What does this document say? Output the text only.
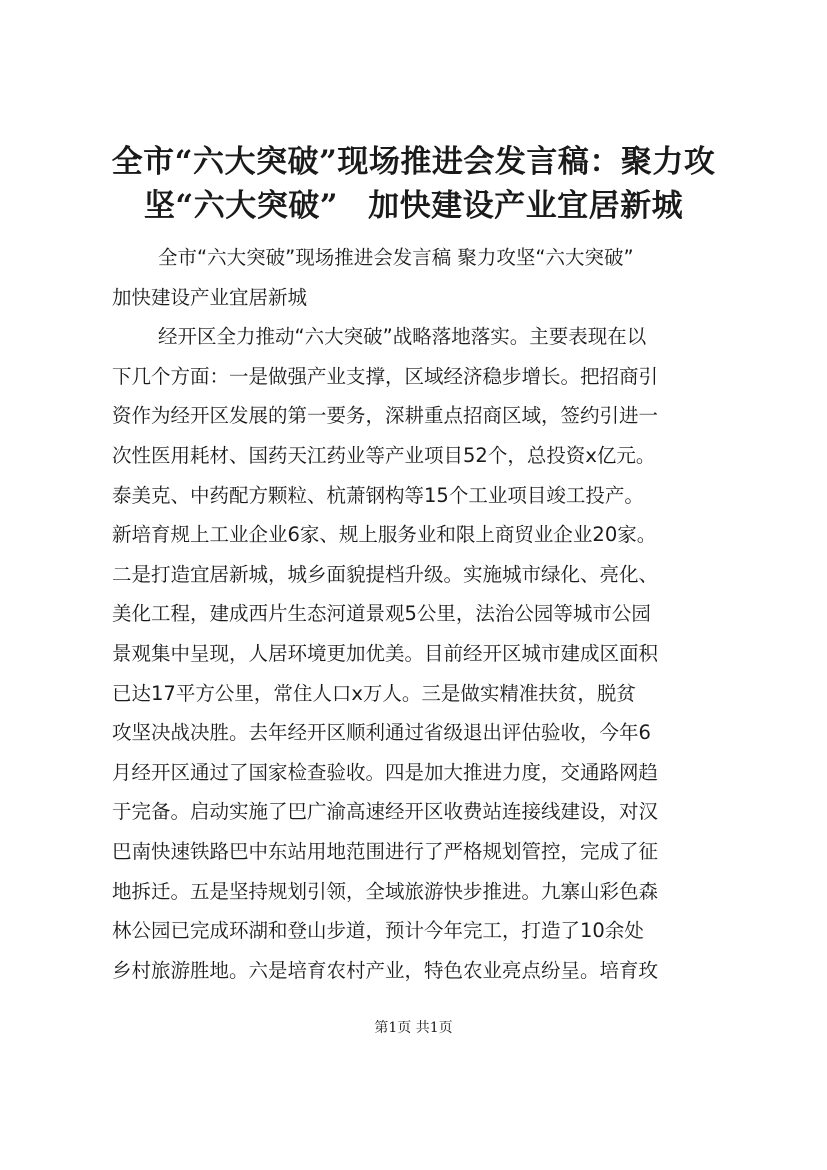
全市“六大突破”现场推进会发言稿：聚力攻
坚“六大突破” 加快建设产业宜居新城
全市“六大突破”现场推进会发言稿 聚力攻坚“六大突破”
加快建设产业宜居新城
经开区全力推动“六大突破”战略落地落实。主要表现在以
下几个方面：一是做强产业支撑，区域经济稳步增长。把招商引
资作为经开区发展的第一要务，深耕重点招商区域，签约引进一
次性医用耗材、国药天江药业等产业项目52个，总投资x亿元。
泰美克、中药配方颗粒、杭萧钢构等15个工业项目竣工投产。
新培育规上工业企业6家、规上服务业和限上商贸业企业20家。
二是打造宜居新城，城乡面貌提档升级。实施城市绿化、亮化、
美化工程，建成西片生态河道景观5公里，法治公园等城市公园
景观集中呈现，人居环境更加优美。目前经开区城市建成区面积
已达17平方公里，常住人口x万人。三是做实精准扶贫，脱贫
攻坚决战决胜。去年经开区顺利通过省级退出评估验收，今年6
月经开区通过了国家检查验收。四是加大推进力度，交通路网趋
于完备。启动实施了巴广渝高速经开区收费站连接线建设，对汉
巴南快速铁路巴中东站用地范围进行了严格规划管控，完成了征
地拆迁。五是坚持规划引领，全域旅游快步推进。九寨山彩色森
林公园已完成环湖和登山步道，预计今年完工，打造了10余处
乡村旅游胜地。六是培育农村产业，特色农业亮点纷呈。培育玫
第1页 共1页
